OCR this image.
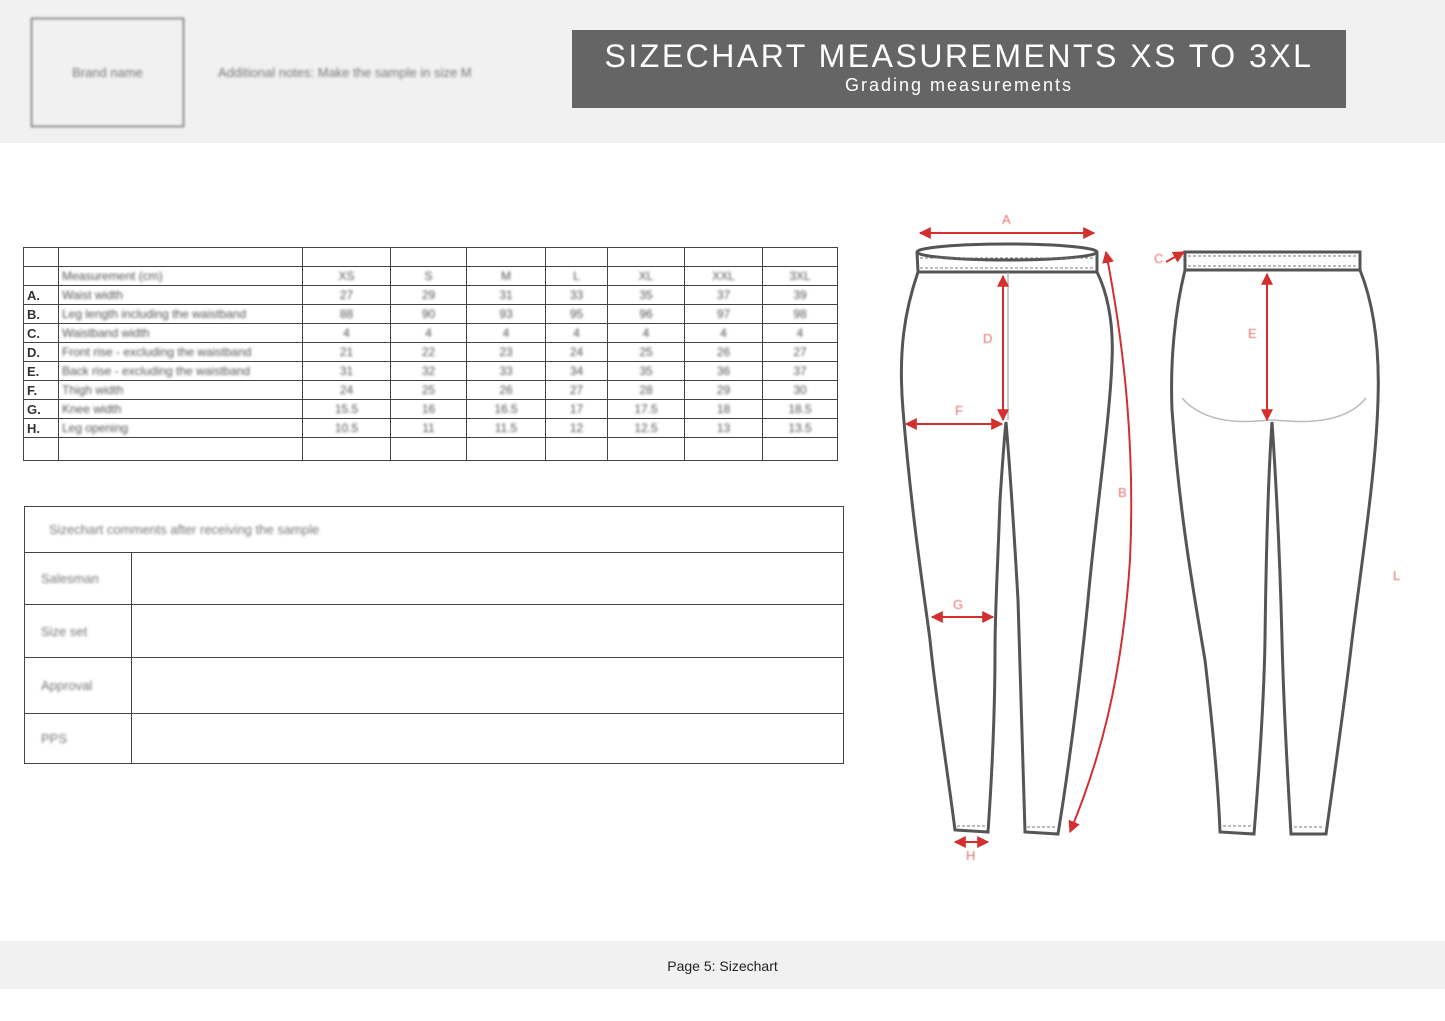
Brand name	Additional notes: Make the sample in size M	SIZECHART MEASUREMENTS XS TO 3XL
Grading measurements

	Measurement (cm)	XS	S	M	L	XL	XXL	3XL
A.	Waist width	27	29	31	33	35	37	39
B.	Leg length including the waistband	88	90	93	95	96	97	98
C.	Waistband width	4	4	4	4	4	4	4
D.	Front rise - excluding the waistband	21	22	23	24	25	26	27
E.	Back rise - excluding the waistband	31	32	33	34	35	36	37
F.	Thigh width	24	25	26	27	28	29	30
G.	Knee width	15.5	16	16.5	17	17.5	18	18.5
H.	Leg opening	10.5	11	11.5	12	12.5	13	13.5

Sizechart comments after receiving the sample	
Salesman	
Size set	
Approval	
PPS	
A
B
C
D	E
F
G
H
L
Page 5: Sizechart
